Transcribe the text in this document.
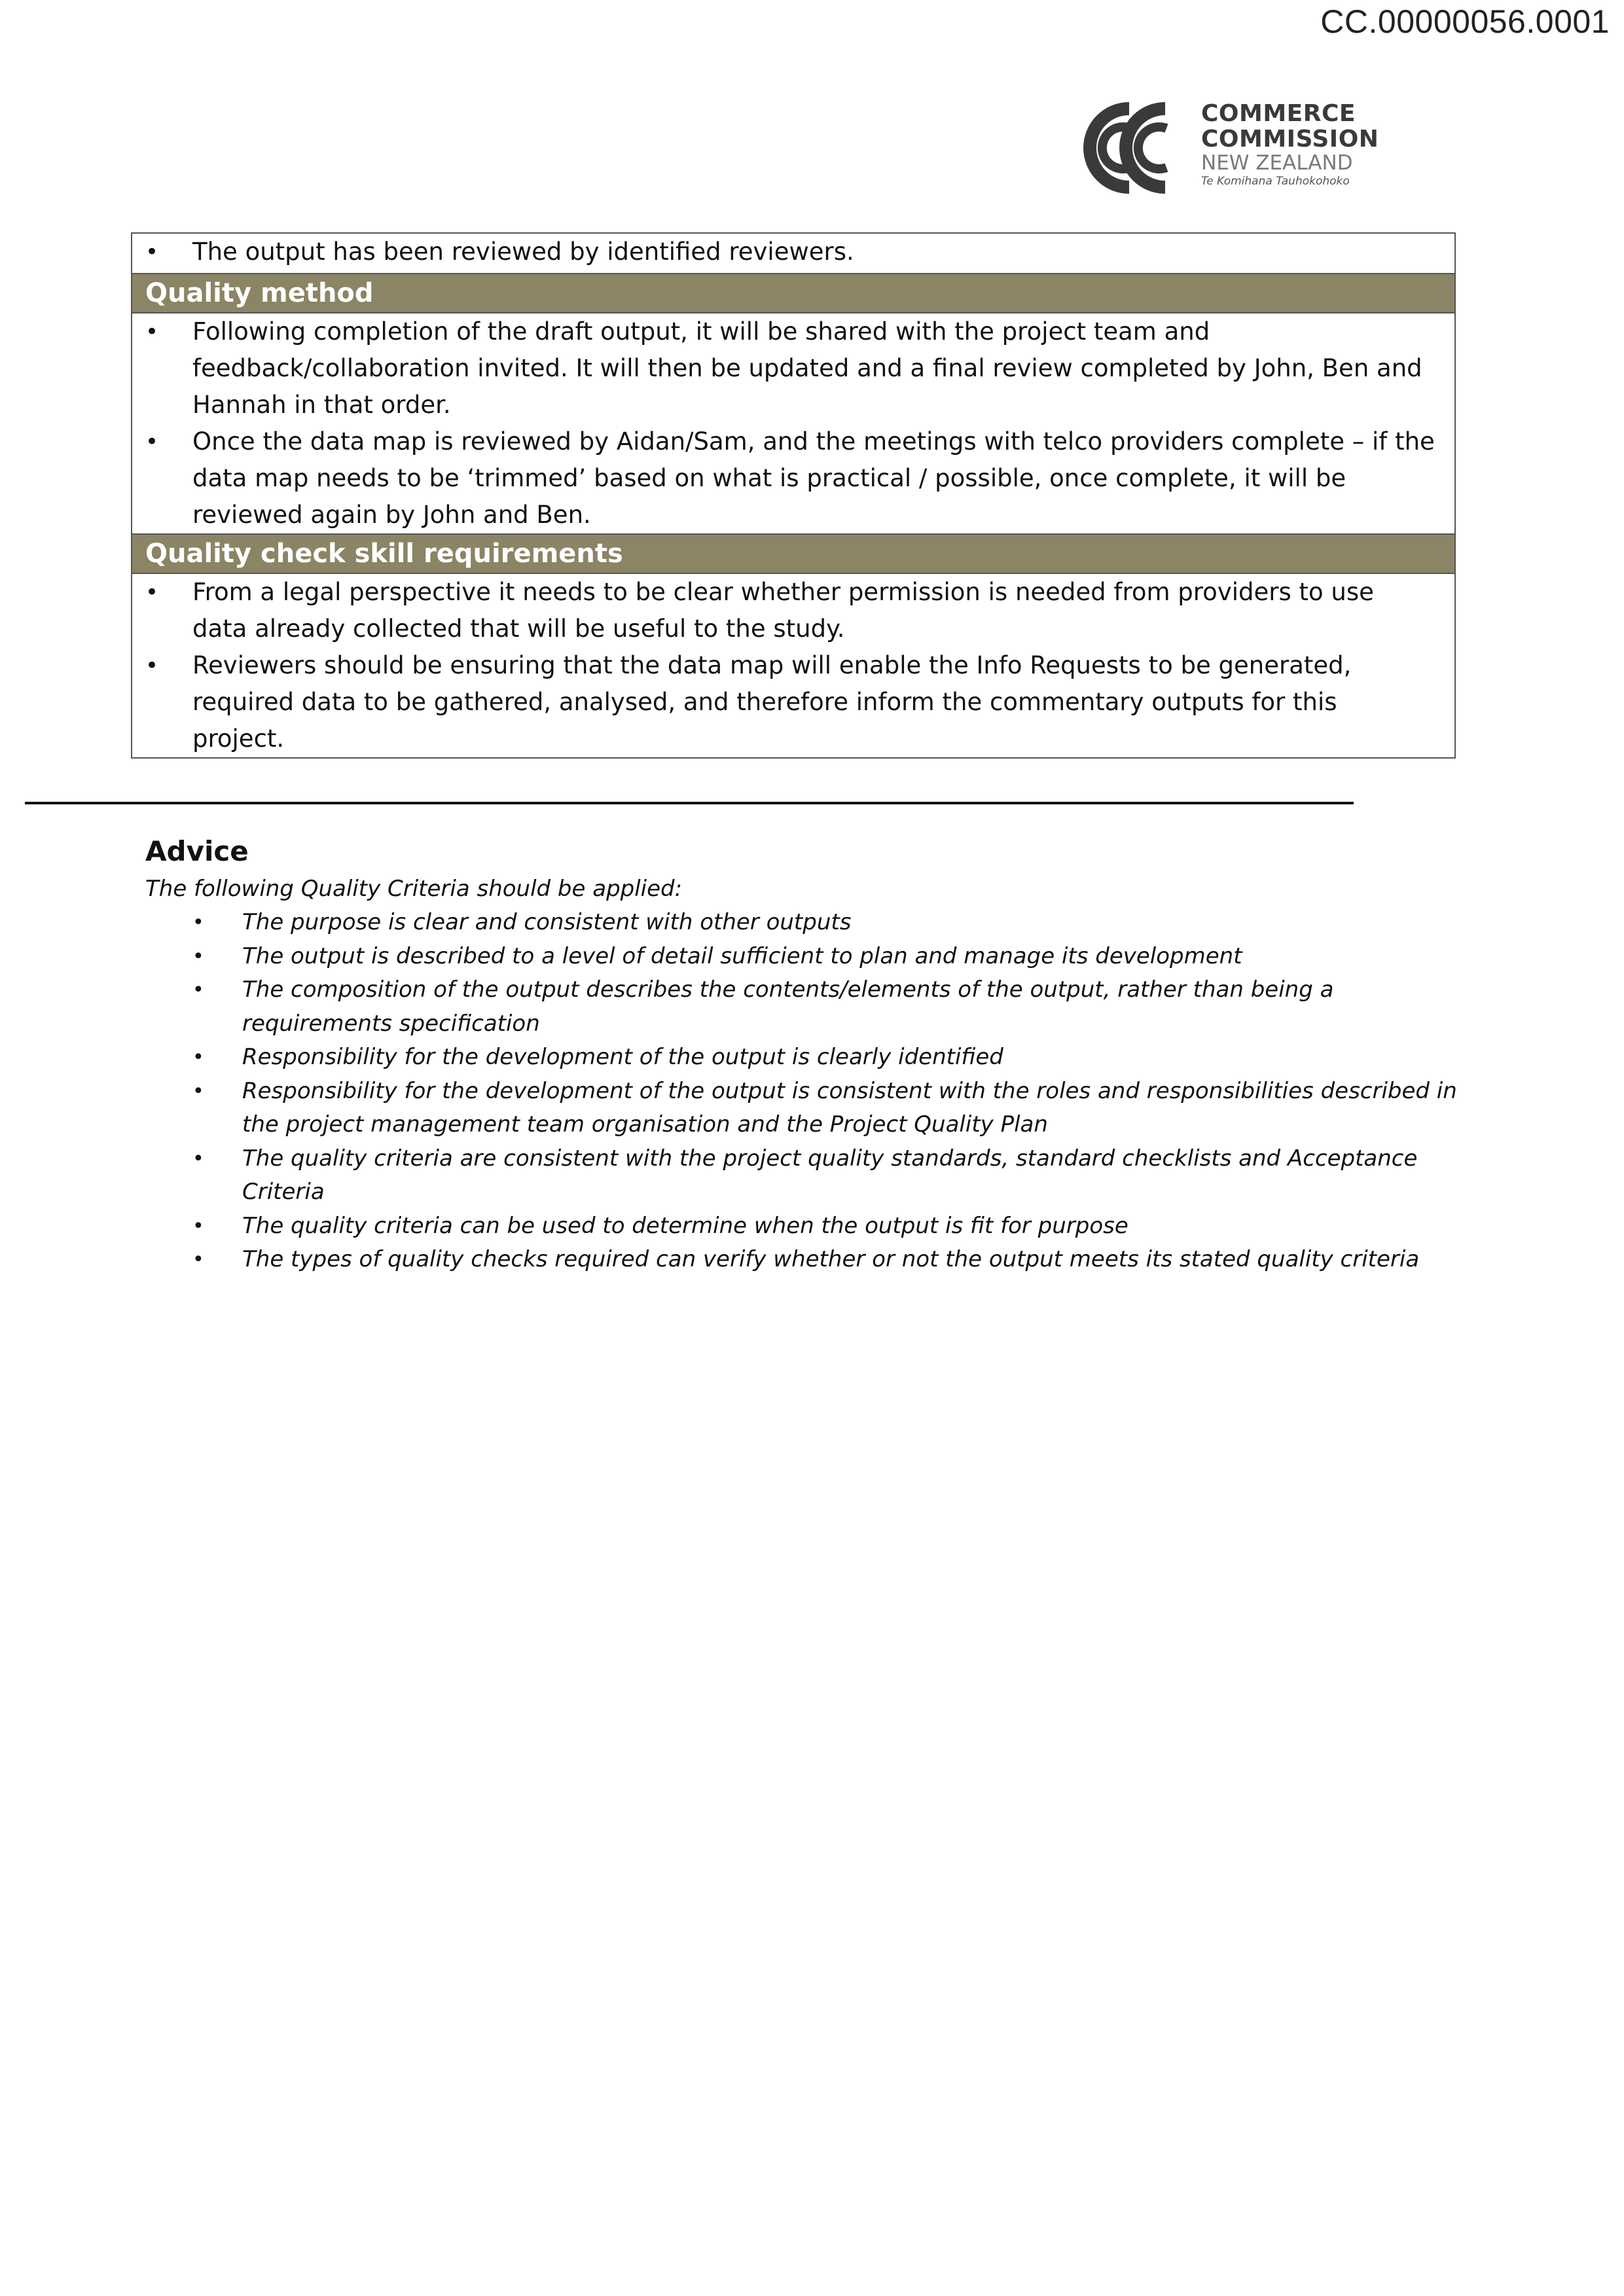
CC.00000056.0001
COMMERCE
COMMISSION
NEW ZEALAND
Te Komihana Tauhokohoko
• The output has been reviewed by identified reviewers.
Quality method
• Following completion of the draft output, it will be shared with the project team and feedback/collaboration invited. It will then be updated and a final review completed by John, Ben and Hannah in that order.
• Once the data map is reviewed by Aidan/Sam, and the meetings with telco providers complete – if the data map needs to be ‘trimmed’ based on what is practical / possible, once complete, it will be reviewed again by John and Ben.
Quality check skill requirements
• From a legal perspective it needs to be clear whether permission is needed from providers to use data already collected that will be useful to the study.
• Reviewers should be ensuring that the data map will enable the Info Requests to be generated, required data to be gathered, analysed, and therefore inform the commentary outputs for this project.
Advice

The following Quality Criteria should be applied:

• The purpose is clear and consistent with other outputs
• The output is described to a level of detail sufficient to plan and manage its development
• The composition of the output describes the contents/elements of the output, rather than being a requirements specification
• Responsibility for the development of the output is clearly identified
• Responsibility for the development of the output is consistent with the roles and responsibilities described in the project management team organisation and the Project Quality Plan
• The quality criteria are consistent with the project quality standards, standard checklists and Acceptance Criteria
• The quality criteria can be used to determine when the output is fit for purpose
• The types of quality checks required can verify whether or not the output meets its stated quality criteria
